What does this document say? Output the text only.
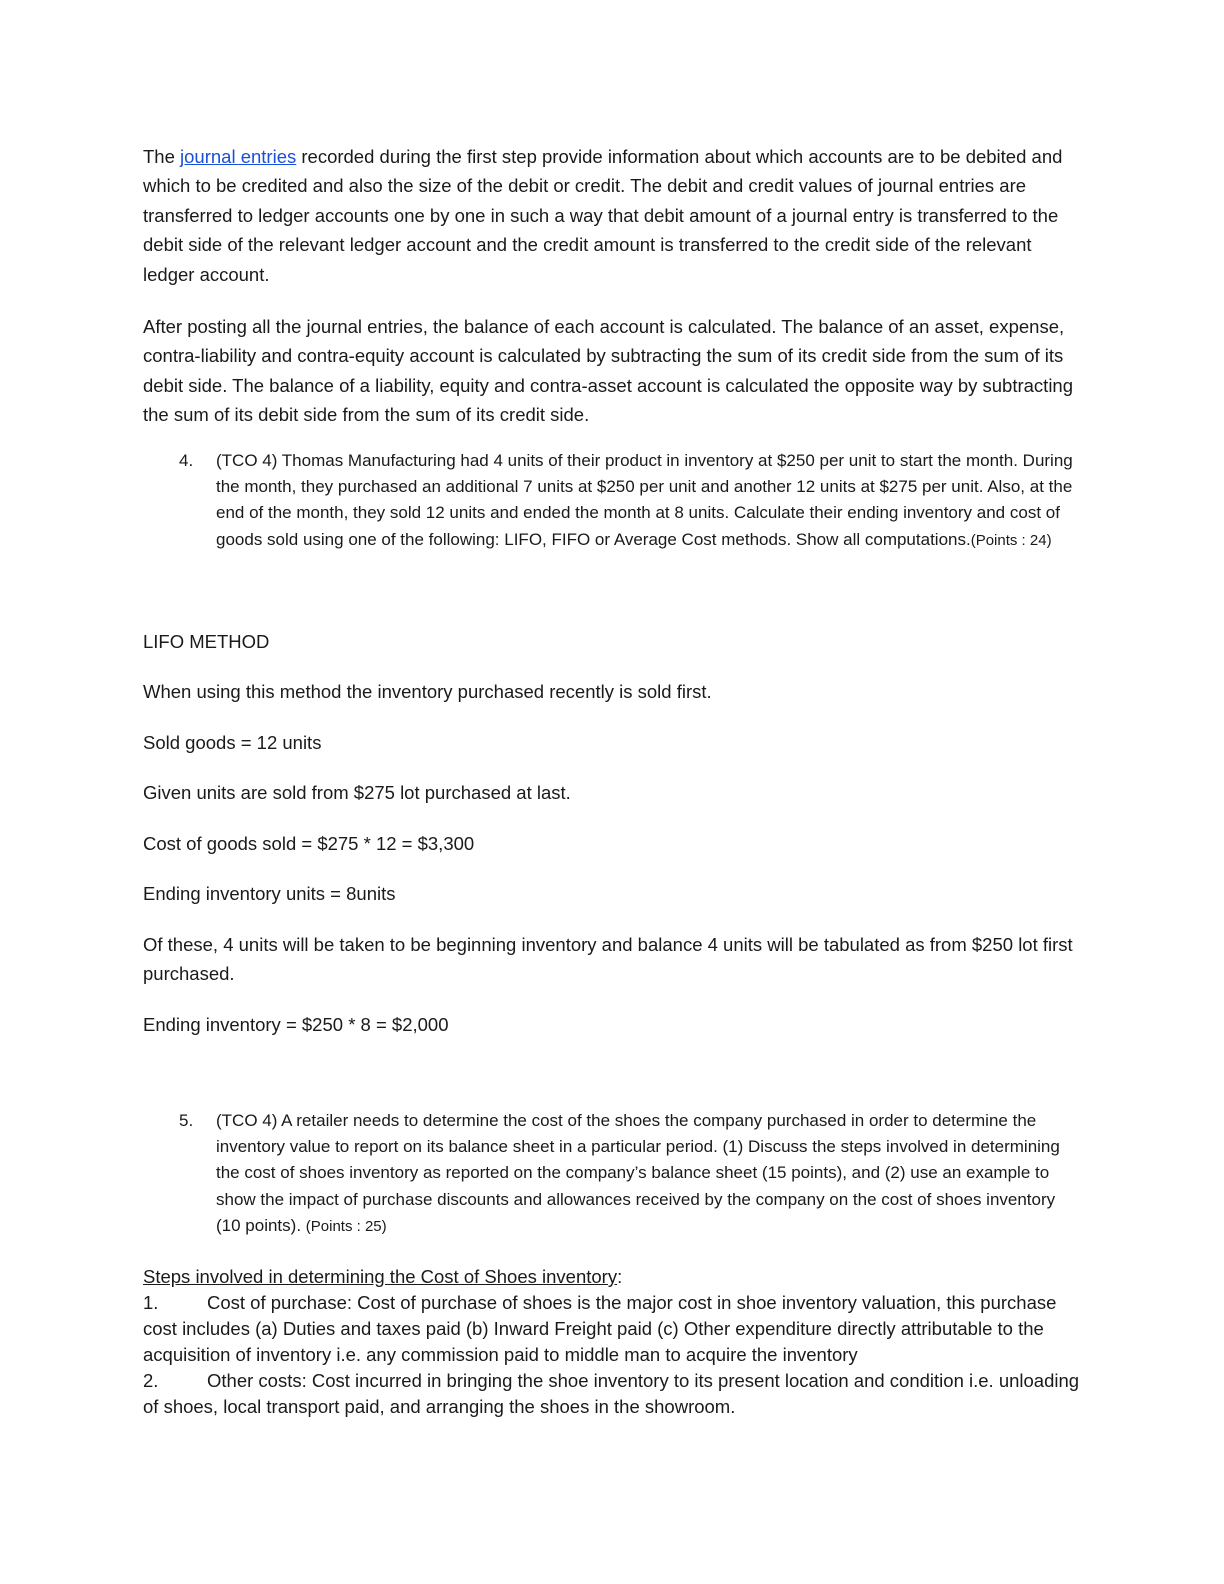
The journal entries recorded during the first step provide information about which accounts are to be debited and which to be credited and also the size of the debit or credit. The debit and credit values of journal entries are transferred to ledger accounts one by one in such a way that debit amount of a journal entry is transferred to the debit side of the relevant ledger account and the credit amount is transferred to the credit side of the relevant ledger account.

After posting all the journal entries, the balance of each account is calculated. The balance of an asset, expense, contra-liability and contra-equity account is calculated by subtracting the sum of its credit side from the sum of its debit side. The balance of a liability, equity and contra-asset account is calculated the opposite way by subtracting the sum of its debit side from the sum of its credit side.

4. (TCO 4) Thomas Manufacturing had 4 units of their product in inventory at $250 per unit to start the month. During the month, they purchased an additional 7 units at $250 per unit and another 12 units at $275 per unit. Also, at the end of the month, they sold 12 units and ended the month at 8 units. Calculate their ending inventory and cost of goods sold using one of the following: LIFO, FIFO or Average Cost methods. Show all computations.(Points : 24)

LIFO METHOD

When using this method the inventory purchased recently is sold first.

Sold goods = 12 units

Given units are sold from $275 lot purchased at last.

Cost of goods sold = $275 * 12 = $3,300

Ending inventory units = 8units

Of these, 4 units will be taken to be beginning inventory and balance 4 units will be tabulated as from $250 lot first purchased.

Ending inventory = $250 * 8 = $2,000

5. (TCO 4) A retailer needs to determine the cost of the shoes the company purchased in order to determine the inventory value to report on its balance sheet in a particular period. (1) Discuss the steps involved in determining the cost of shoes inventory as reported on the company’s balance sheet (15 points), and (2) use an example to show the impact of purchase discounts and allowances received by the company on the cost of shoes inventory (10 points). (Points : 25)
Steps involved in determining the Cost of Shoes inventory:
1.	Cost of purchase: Cost of purchase of shoes is the major cost in shoe inventory valuation, this purchase cost includes (a) Duties and taxes paid (b) Inward Freight paid (c) Other expenditure directly attributable to the acquisition of inventory i.e. any commission paid to middle man to acquire the inventory
2.	Other costs: Cost incurred in bringing the shoe inventory to its present location and condition i.e. unloading of shoes, local transport paid, and arranging the shoes in the showroom.
